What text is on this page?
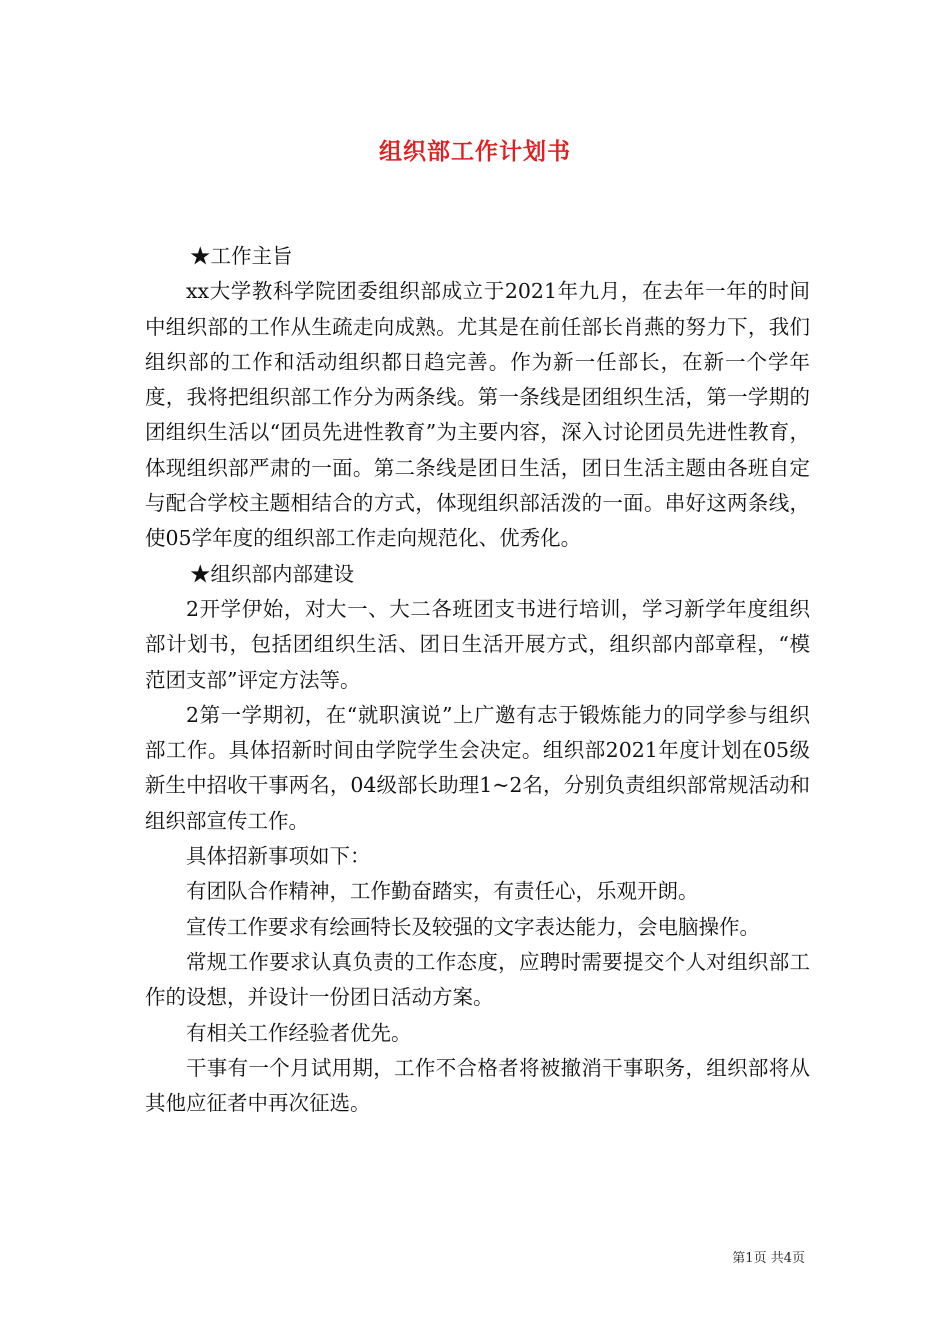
组织部工作计划书

★工作主旨

xx大学教科学院团委组织部成立于2021年九月，在去年一年的时间中组织部的工作从生疏走向成熟。尤其是在前任部长肖燕的努力下，我们组织部的工作和活动组织都日趋完善。作为新一任部长，在新一个学年度，我将把组织部工作分为两条线。第一条线是团组织生活，第一学期的团组织生活以“团员先进性教育”为主要内容，深入讨论团员先进性教育，体现组织部严肃的一面。第二条线是团日生活，团日生活主题由各班自定与配合学校主题相结合的方式，体现组织部活泼的一面。串好这两条线，使05学年度的组织部工作走向规范化、优秀化。

★组织部内部建设

2开学伊始，对大一、大二各班团支书进行培训，学习新学年度组织部计划书，包括团组织生活、团日生活开展方式，组织部内部章程，“模范团支部”评定方法等。

2第一学期初，在“就职演说”上广邀有志于锻炼能力的同学参与组织部工作。具体招新时间由学院学生会决定。组织部2021年度计划在05级新生中招收干事两名，04级部长助理1~2名，分别负责组织部常规活动和组织部宣传工作。

具体招新事项如下：

有团队合作精神，工作勤奋踏实，有责任心，乐观开朗。

宣传工作要求有绘画特长及较强的文字表达能力，会电脑操作。

常规工作要求认真负责的工作态度，应聘时需要提交个人对组织部工作的设想，并设计一份团日活动方案。

有相关工作经验者优先。

干事有一个月试用期，工作不合格者将被撤消干事职务，组织部将从其他应征者中再次征选。

第1页 共4页
